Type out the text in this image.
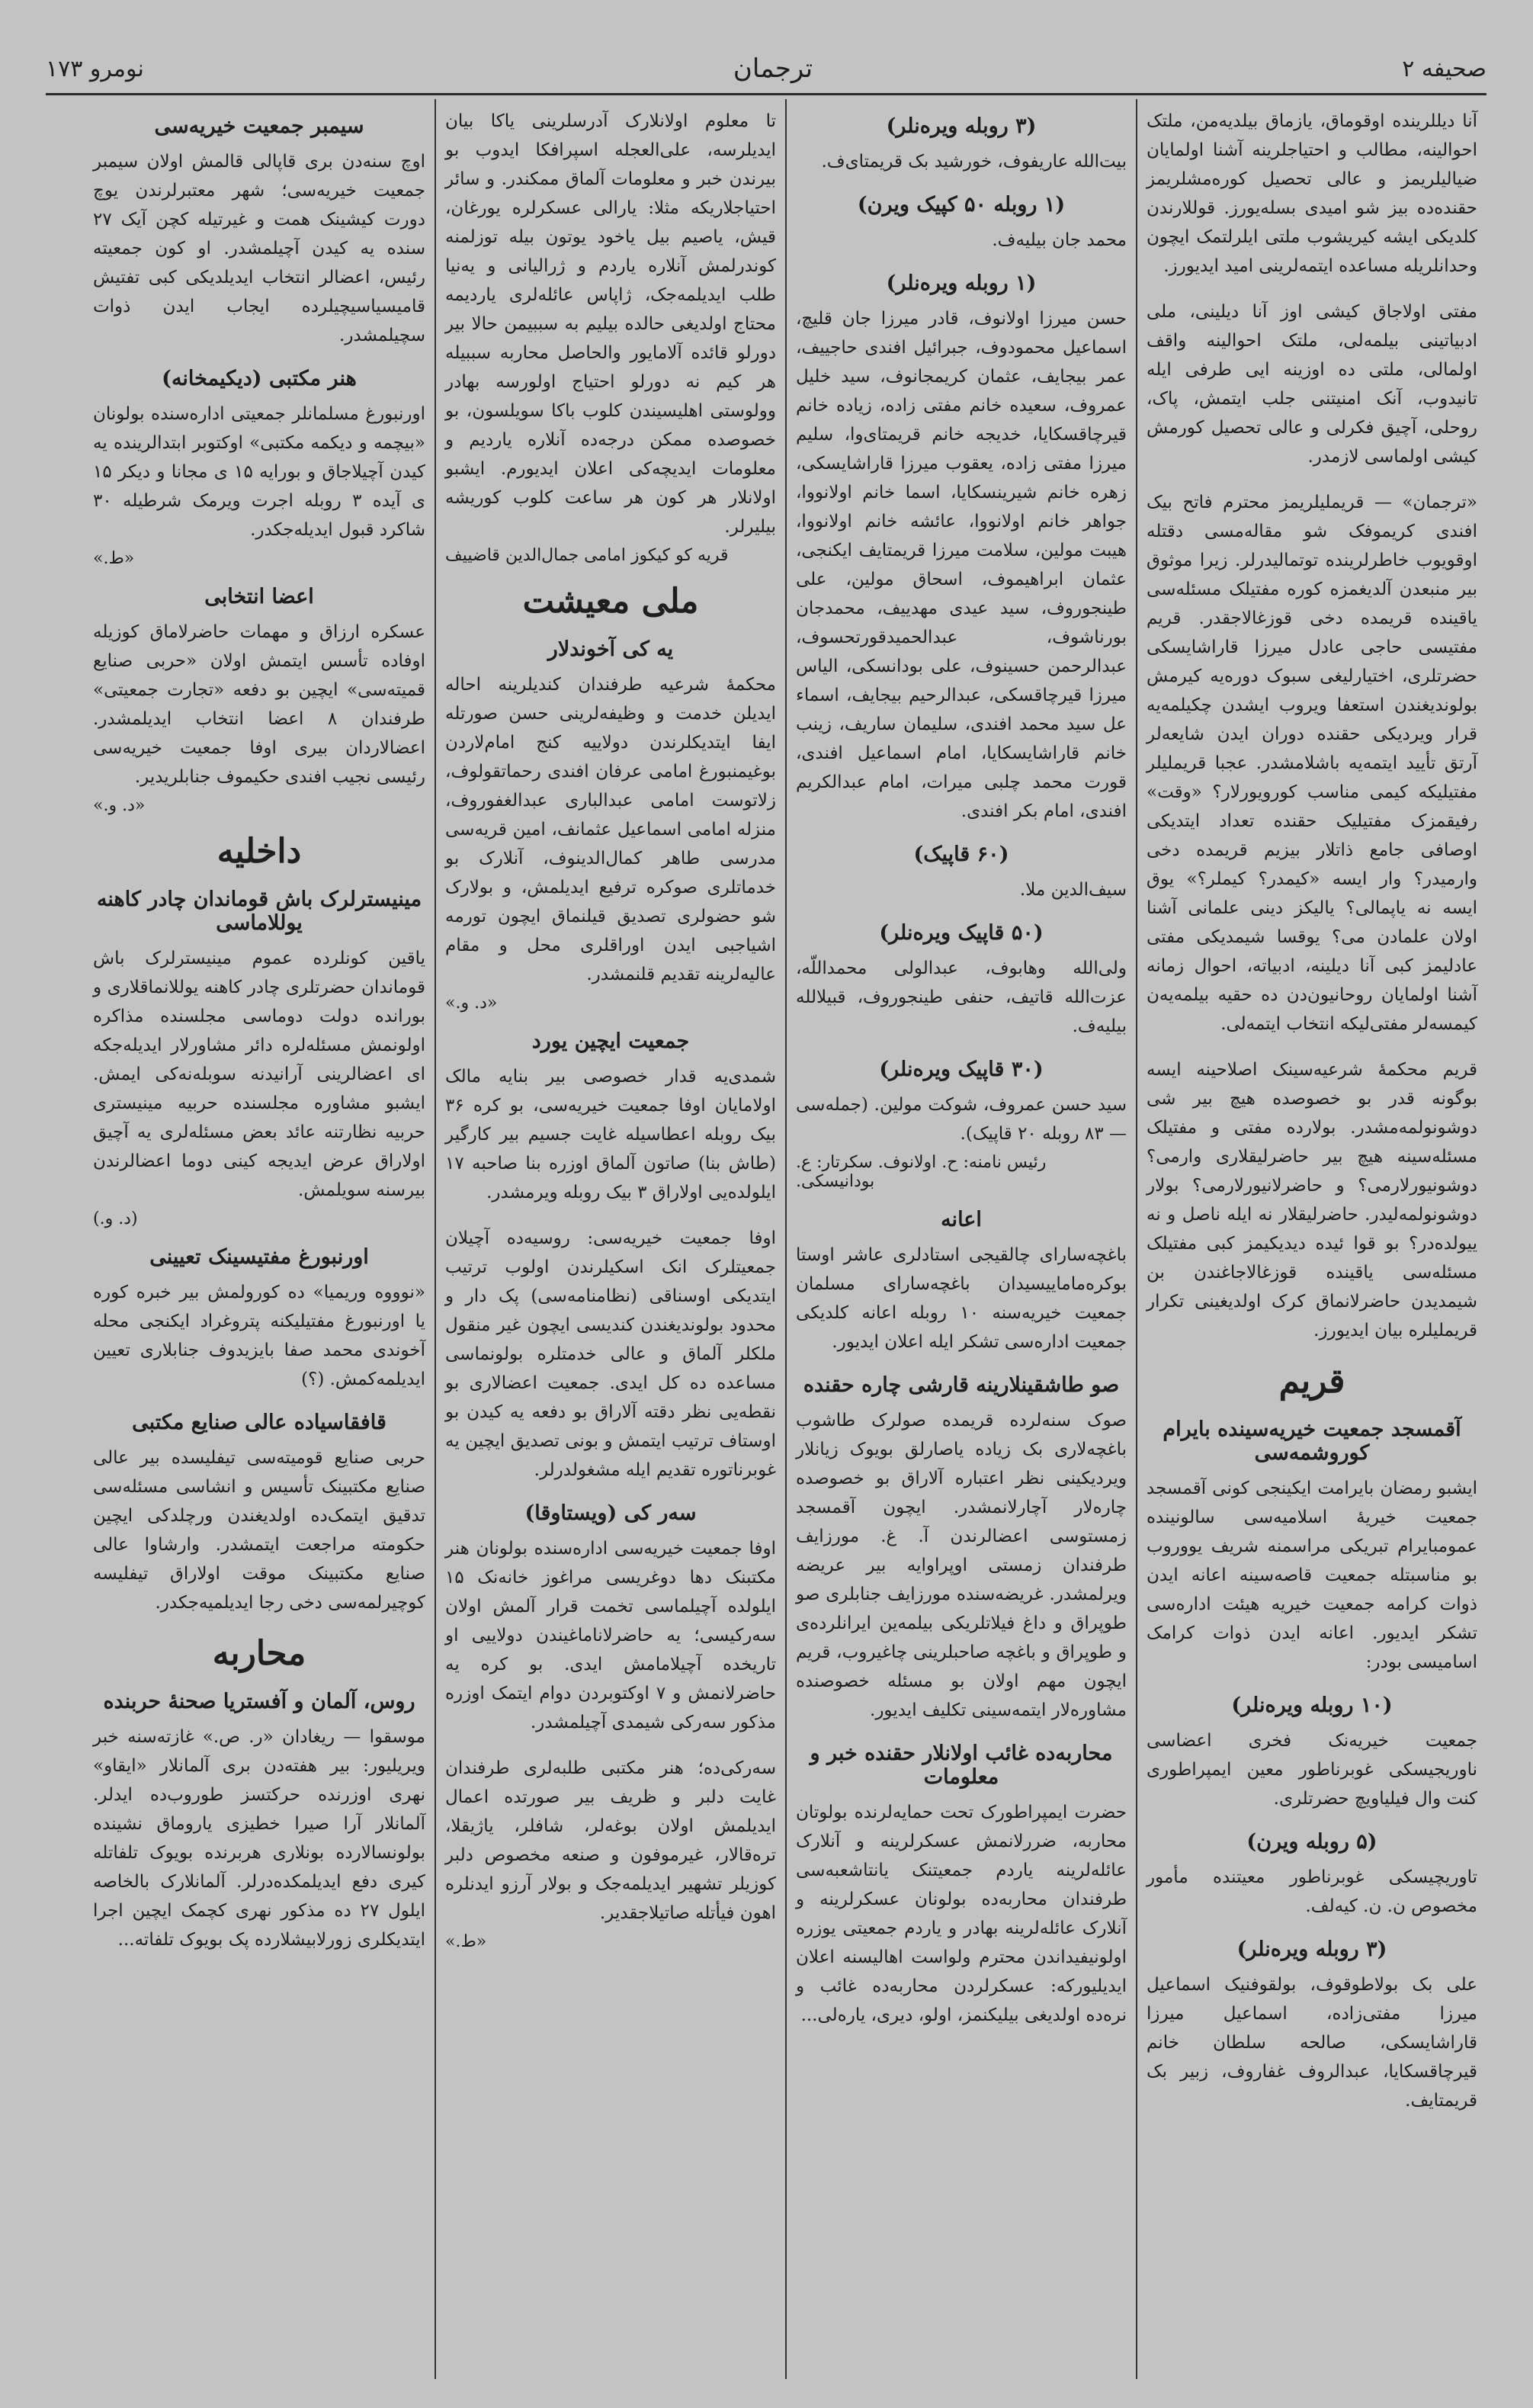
صحیفه ۲
ترجمان
نومرو ۱۷۳
آنا دیللرینده اوقوماق، یازماق بیلدیه‌من، ملتک احوالینه، مطالب و احتیاجلرینه آشنا اولمایان ضیالیلریمز و عالی تحصیل کوره‌مشلریمز حقنده‌ده بیز شو امیدی بسله‌یورز. قوللارندن کلدیکی ایشه کیریشوب ملتی ایلرلتمک ایچون وحدانلریله مساعده ایتمه‌لرینی امید ایدیورز.
مفتی اولاجاق کیشی اوز آنا دیلینی، ملی ادبیاتینی بیلمه‌لی، ملتک احوالینه واقف اولمالی، ملتی ده اوزینه ایی طرفی ایله تانیدوب، آنک امنیتنی جلب ایتمش، پاک، روحلی، آچیق فکرلی و عالی تحصیل کورمش کیشی اولماسی لازمدر.
«ترجمان» — قریملیلریمز محترم فاتح بیک افندی کریموفک شو مقاله‌مسی دقتله اوقویوب خاطرلرینده توتمالیدرلر. زیرا موثوق بیر منبعدن آلدیغمزه کوره مفتیلک مسئله‌سی یاقینده قریمده دخی قوزغالاجقدر. قریم مفتیسی حاجی عادل میرزا قاراشایسکی حضرتلری، اختیارلیغی سبوک دوره‌یه کیرمش بولوندیغندن استعفا ویروب ایشدن چکیلمه‌یه قرار ویردیکی حقنده دوران ایدن شایعه‌لر آرتق تأیید ایتمه‌یه باشلامشدر. عجبا قریملیلر مفتیلیکه کیمی مناسب کورویورلار؟ «وقت» رفیقمزک مفتیلیک حقنده تعداد ایتدیکی اوصافی جامع ذاتلار بیزیم قریمده دخی وارمیدر؟ وار ایسه «کیمدر؟ کیملر؟» یوق ایسه نه یاپمالی؟ یالیکز دینی علمانی آشنا اولان علما‌دن می؟ یوقسا شیمدیکی مفتی عادلیمز کبی آنا دیلینه، ادبیاته، احوال زمانه آشنا اولمایان روحانیون‌دن ده حقیه بیلمه‌یه‌ن کیمسه‌لر‌ مفتی‌لیکه انتخاب ایتمه‌لی.
قریم محکمهٔ شرعیه‌سینک اصلاحینه ایسه بوگونه قدر بو خصوصده هیچ بیر شی دوشونولمه‌مشدر. بولارده مفتی و مفتیلک مسئله‌سینه هیچ بیر حاضرلیقلاری وارمی؟ دوشونیورلارمی؟ و حاضرلانیورلارمی؟ بولار دوشونولمه‌لیدر. حاضرلیقلار نه ایله ناصل و نه ییولده‌در؟ بو قوا ئیده دیدیکیمز کبی مفتیلک مسئله‌سی یاقینده قوزغالاجاغندن بن شیمدیدن حاضرلانماق کرک اولدیغینی تکرار قریملیلره بیان ایدیورز.
قریم
آقمسجد جمعیت خیریه‌سینده بایرام کوروشمه‌سی
ایشبو رمضان بایرامت ایکینجی کونی آقمسجد جمعیت خیریهٔ اسلامیه‌سی سالونینده عمومبایرام تبریکی مراسمنه شریف یووروب بو مناسبتله جمعیت قاصه‌سینه اعانه ایدن ذوات کرامه جمعیت خیریه هیئت اداره‌سی تشکر ایدیور. اعانه ایدن ذوات کرامک اسامیسی بودر:
(۱۰ روبله ویره‌نلر)
جمعیت خیریه‌نک فخری اعضاسی ناوریجیسکی غوبرناطور معین ایمپراطوری کنت وال فیلیاویچ حضرتلری.
(۵ روبله ویرن)
تاوریچیسکی غوبرناطور معیتنده مأمور مخصوص ن. ن. کیه‌لف.
(۳ روبله ویره‌نلر)
علی بک بولاطوقوف، بولقوفنیک اسماعیل میرزا مفتی‌زاده، اسماعیل میرزا قاراشایسکی، صالحه سلطان خانم قیرچاقسکایا، عبدالروف غفاروف، زبیر بک قریمتایف.
(۳ روبله ویره‌نلر)
بیت‌الله عاریفوف، خورشید بک قریمتای‌ف.
(۱ روبله ۵۰ کپیک ویرن)
محمد جان بیلیه‌ف.
(۱ روبله ویره‌نلر)
حسن میرزا اولانوف، قادر میرزا جان قلیچ، اسماعیل محمودوف، جبرائیل افندی حاجییف، عمر بیجایف، عثمان کریمجانوف، سید خلیل عمروف، سعیده خانم مفتی زاده، زیاده خانم قیرچاقسکایا، خدیجه خانم قریمتای‌وا، سلیم میرزا مفتی زاده، یعقوب میرزا قاراشایسکی، زهره خانم شیرینسکایا، اسما خانم اولانووا، جواهر خانم اولانووا، عائشه خانم اولانووا، هیبت مولین، سلامت میرزا قریمتایف ایکنجی، عثمان ابراهیموف، اسحاق مولین، علی طینجوروف، سید عیدی مهدییف، محمدجان بورناشوف، عبدالحمیدقورتحسوف، عبدالرحمن حسینوف، علی بودانسکی، الیاس میرزا قیرچاقسکی، عبدالرحیم بیجایف، اسماء عل سید محمد افندی، سلیمان ساریف، زینب خانم قاراشایسکایا، امام اسماعیل افندی، قورت محمد چلبی میرات، امام عبدالکریم افندی، امام بکر افندی.
(۶۰ قاپیک)
سیف‌الدین ملا.
(۵۰ قاپیک ویره‌نلر)
ولی‌الله وهابوف، عبدالولی محمداللّه، عزت‌الله قاتیف، حنفی طینجوروف، قبیلالله بیلیه‌ف.
(۳۰ قاپیک ویره‌نلر)
سید حسن عمروف، شوکت مولین. (جمله‌سی — ۸۳ روبله ۲۰ قاپیک).
رئیس نامنه: ح. اولانوف. سکرتار: ع. بودانیسکی.
اعانه
باغچه‌سارای چالقیجی استادلری عاشر اوستا بوکره‌ماماییسیدان باغچه‌سارای مسلمان جمعیت خیریه‌سنه ۱۰ روبله اعانه کلدیکی جمعیت اداره‌سی تشکر ایله اعلان ایدیور.
صو طاشقینلارینه قارشی چاره حقنده
صوک سنه‌لرده قریمده صولرک طاشوب باغچه‌لاری بک زیاده یاصارلق بویوک زیانلار ویردیکینی نظر اعتباره آلاراق بو خصوصده چاره‌لار آچارلانمشدر. ایچون آقمسجد زمستوسی اعضالرندن آ. غ. مورزایف طرفندان زمستی اوپراوایه بیر عریضه ویرلمشدر. غریضه‌سنده مورزایف جنابلری صو طوپراق و داغ فیلاتلریکی بیلمه‌ین ایرانلرده‌ی و طوپراق و باغچه صاحبلرینی چاغیروب، قریم ایچون مهم اولان بو مسئله خصوصنده مشاوره‌لار ایتمه‌سینی تکلیف ایدیور.
محاربه‌ده غائب اولانلار حقنده خبر و معلومات
حضرت ایمپراطورک تحت حمایه‌لرنده بولوتان محاربه، ضررلانمش عسکرلرینه و آنلارک عائله‌لرینه یاردم جمعیتنک یانتاشعبه‌سی طرفندان محاربه‌ده بولونان عسکرلرینه و آنلارک عائله‌لرینه بهادر و یاردم جمعیتی یوزره اولونیفیداندن محترم ولواست اهالیسنه اعلان ایدیلیورکه: عسکرلردن محاربه‌ده غائب و نره‌ده اولدیغی بیلیکنمز، اولو، دیری، یاره‌لی...
تا معلوم اولانلارک آدرسلرینی یاکا بیان ایدیلرسه، علی‌العجله اسپرافکا ایدوب بو بیرندن خبر و معلومات آلماق ممکندر. و سائر احتیاجلاریکه مثلا: یارالی عسکرلره یورغان، قیش، یاصیم بیل یاخود یوتون بیله توزلمنه کوندرلمش آنلاره یاردم و ژرالیانی و یه‌نیا طلب ایدیلمه‌جک، ژاپاس عائله‌لری یاردیمه محتاج اولدیغی حالده بیلیم به سببیمن حالا بیر دورلو قائده آلامایور والحاصل محاربه سببیله هر کیم نه دورلو احتیاج اولورسه بهادر وولوستی اهلیسیندن کلوب باکا سویلسون، بو خصوصده ممکن درجه‌ده آنلاره یاردیم و معلومات ایدیچه‌کی اعلان ایدیورم. ایشبو اولانلار هر کون هر ساعت کلوب کوریشه بیلیرلر.
قریه کو کیکوز امامی جمال‌الدین قاضییف
ملی معیشت
یه کی آخوندلار
محکمهٔ شرعیه طرفندان کندیلرینه احاله ایدیلن خدمت و وظیفه‌لرینی حسن صورتله ایفا ایتدیکلرندن دولاییه کنج امام‌لاردن بوغیمنبورغ امامی عرفان افندی رحماتقولوف، زلاتوست امامی عبدالباری عبدالغفوروف، منزله امامی اسماعیل عثمانف، امین قریه‌سی مدرسی طاهر کمال‌الدینوف، آنلارک بو خدماتلری صوکره ترفیع ایدیلمش، و بولارک شو حضولری تصدیق قیلنماق ایچون تورمه اشیاجبی ایدن اوراقلری محل و مقام عالیه‌لرینه تقدیم قلنمشدر.
«د. و.»
جمعیت ایچین یورد
شمدی‌یه قدار خصوصی بیر بنایه مالک اولامایان اوفا جمعیت خیریه‌سی، بو کره ۳۶ بیک روبله اعطاسیله غایت جسیم بیر کارگیر (طاش بنا) صاتون آلماق اوزره بنا صاحبه ۱۷ ایلولده‌یی اولاراق ۳ بیک روبله ویرمشدر.
اوفا جمعیت خیریه‌سی: روسیه‌ده آچیلان جمعیتلرک انک اسکیلرندن اولوب ترتیب ایتدیکی اوسناقی (نظامنامه‌سی) پک دار و محدود بولوندیغندن کندیسی ایچون غیر منقول ملکلر آلماق و عالی خدمتلره بولونماسی مساعده ده کل ایدی. جمعیت اعضالاری بو نقطه‌یی نظر دقته آلاراق بو دفعه یه کیدن بو اوستاف ترتیب ایتمش و بونی تصدیق ایچین یه غوبرناتوره تقدیم ایله مشغولدرلر.
سه‌ر کی (ویستاوقا)
اوفا جمعیت خیریه‌سی اداره‌سنده بولونان هنر مکتبنک دها دوغریسی مراغوز خانه‌نک ۱۵ ایلولده آچیلماسی تخمت قرار آلمش اولان سه‌رکیسی؛ یه حاضرلاناماغیندن دولاییی او تاریخده آچیلامامش ایدی. بو کره یه حاضرلانمش و ۷ اوکتوبردن دوام ایتمک اوزره مذکور سه‌رکی شیمدی آچیلمشدر.
سه‌رکی‌ده؛ هنر مکتبی طلبه‌لری طرفندان غایت دلبر و ظریف بیر صورتده اعمال ایدیلمش اولان بوغه‌لر، شافلر، یاژیقلا، تره‌قالار، غیرموفون و صنعه مخصوص دلبر کوزیلر تشهیر ایدیلمه‌جک و بولار آرزو ایدنلره اهون فیأتله صاتیلاجقدیر.
«ط.»
سیمبر جمعیت خیریه‌سی
اوچ سنه‌دن بری قاپالی قالمش اولان سیمبر جمعیت خیریه‌سی؛ شهر معتبرلرندن یوچ دورت کیشینک همت و غیرتیله کچن آیک ۲۷ سنده یه کیدن آچیلمشدر. او کون جمعیته رئیس، اعضالر انتخاب ایدیلدیکی کبی تفتیش قامیسیاسیچیلرده ایجاب ایدن ذوات سچیلمشدر.
هنر مکتبی (دیکیمخانه)
اورنبورغ مسلمانلر جمعیتی اداره‌سنده بولونان «بیچمه و دیکمه مکتبی» اوکتوبر ابتدالرینده یه کیدن آچیلاجاق و بورایه ۱۵ ی مجانا و دیکر ۱۵ ی آیده ۳ روبله اجرت ویرمک شرطیله ۳۰ شاکرد قبول ایدیله‌جکدر.
«ط.»
اعضا انتخابی
عسکره ارزاق و مهمات حاضرلاماق کوزیله اوفاده تأسس ایتمش اولان «حربی صنایع قمیته‌سی» ایچین بو دفعه «تجارت جمعیتی» طرفندان ۸ اعضا انتخاب ایدیلمشدر. اعضالاردان بیری اوفا جمعیت خیریه‌سی رئیسی نجیب افندی حکیموف جنابلریدیر.
«د. و.»
داخلیه
مینیسترلرک باش قوماندان چادر کاهنه یوللاماسی
یاقین کونلرده عموم مینیسترلرک باش قوماندان حضرتلری چادر کاهنه یوللانماقلاری و بورانده دولت دوماسی مجلسنده مذاکره اولونمش مسئله‌لره دائر مشاورلار ایدیله‌جکه ای اعضالرینی آرانیدنه سوبله‌نه‌کی ایمش. ایشبو مشاوره مجلسنده حربیه مینیستری حربیه نظارتنه عائد بعض مسئله‌لری یه آچیق اولاراق عرض ایدیجه کینی دوما اعضالرندن بیرسنه سویلمش.
(د. و.)
اورنبورغ مفتیسینک تعیینی
«نوووه وریمیا» ده کورولمش بیر خبره کوره یا اورنبورغ مفتیلیکنه پتروغراد ایکنجی محله آخوندی محمد صفا بایزیدوف جنابلاری تعیین ایدیلمه‌کمش. (؟)
قافقاسیاده عالی صنایع مکتبی
حربی صنایع قومیته‌سی تیفلیسده بیر عالی صنایع مکتبینک تأسیس و انشاسی مسئله‌سی تدقیق ایتمک‌ده اولدیغندن ورچلدکی ایچین حکومته مراجعت ایتمشدر. وارشاوا عالی صنایع مکتبینک موقت اولاراق تیفلیسه کوچیرلمه‌سی دخی رجا ایدیلمیه‌جکدر.
محاربه
روس، آلمان و آفستریا صحنهٔ حربنده
موسقوا — ریغادان «ر. ص.» غازته‌سنه خبر ویریلیور: بیر هفته‌دن بری آلمانلار «ایقاو» نهری اوزرنده حرکتسز طوروب‌ده ایدلر. آلمانلار آرا صیرا خطیزی یاروماق نشینده بولونسالارده بونلاری هربرنده بویوک تلفاتله کیری دفع ایدیلمکده‌درلر. آلمانلارک بالخاصه ایلول ۲۷ ده مذکور نهری کچمک ایچین اجرا ایتدیکلری زورلابیشلارده پک بویوک تلفاته...
